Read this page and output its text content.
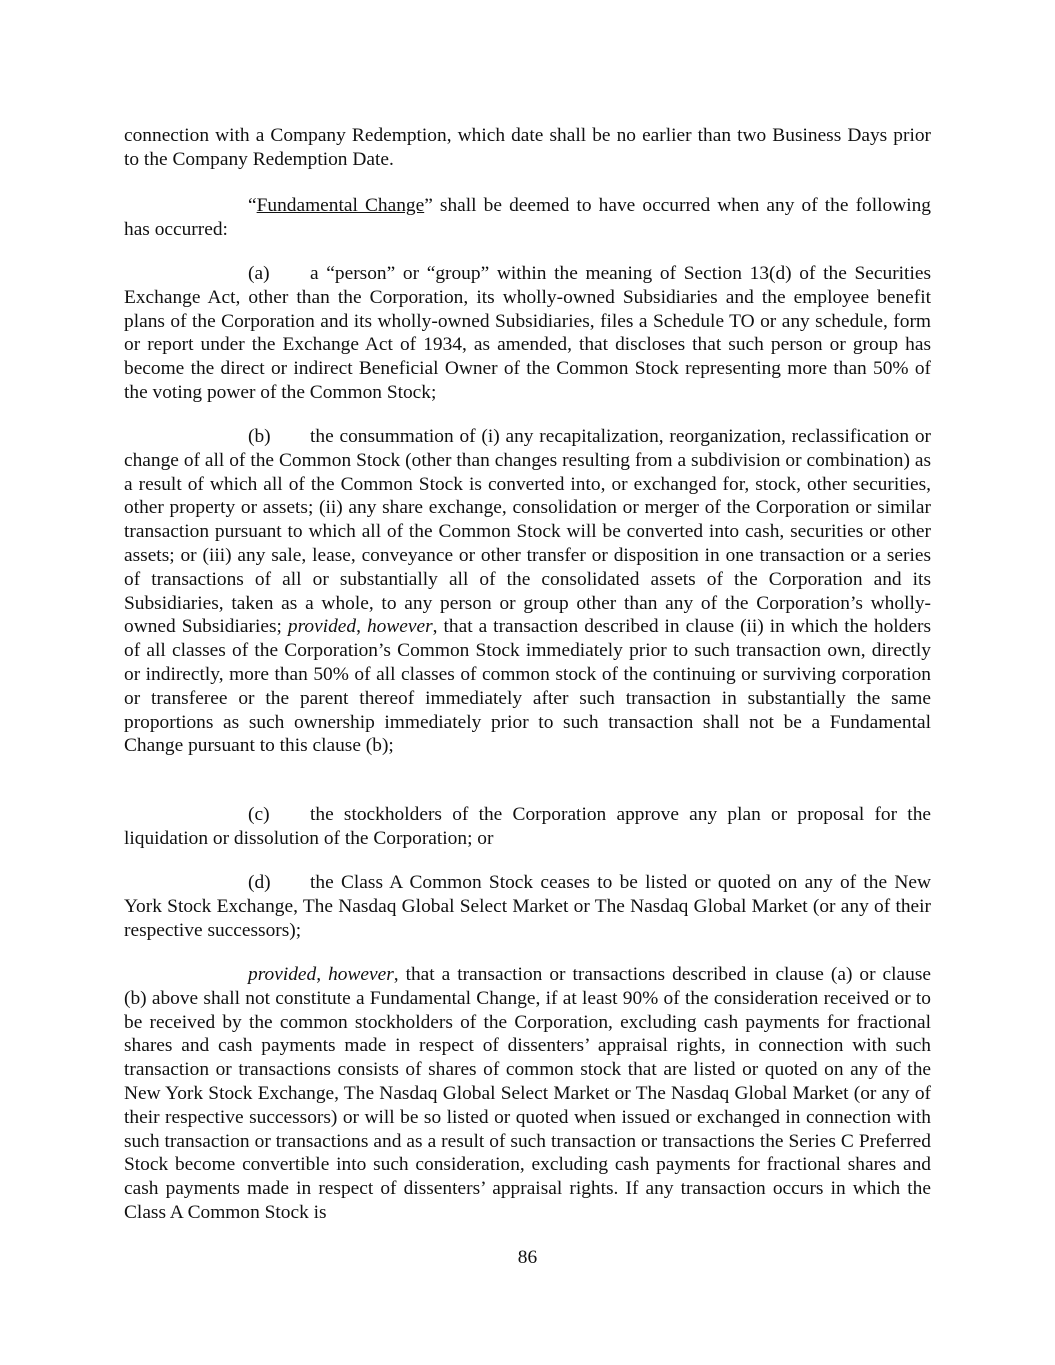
connection with a Company Redemption, which date shall be no earlier than two Business Days prior to the Company Redemption Date.

“Fundamental Change” shall be deemed to have occurred when any of the following has occurred:

(a) a “person” or “group” within the meaning of Section 13(d) of the Securities Exchange Act, other than the Corporation, its wholly-owned Subsidiaries and the employee benefit plans of the Corporation and its wholly-owned Subsidiaries, files a Schedule TO or any schedule, form or report under the Exchange Act of 1934, as amended, that discloses that such person or group has become the direct or indirect Beneficial Owner of the Common Stock representing more than 50% of the voting power of the Common Stock;

(b) the consummation of (i) any recapitalization, reorganization, reclassification or change of all of the Common Stock (other than changes resulting from a subdivision or combination) as a result of which all of the Common Stock is converted into, or exchanged for, stock, other securities, other property or assets; (ii) any share exchange, consolidation or merger of the Corporation or similar transaction pursuant to which all of the Common Stock will be converted into cash, securities or other assets; or (iii) any sale, lease, conveyance or other transfer or disposition in one transaction or a series of transactions of all or substantially all of the consolidated assets of the Corporation and its Subsidiaries, taken as a whole, to any person or group other than any of the Corporation’s wholly-owned Subsidiaries; provided, however, that a transaction described in clause (ii) in which the holders of all classes of the Corporation’s Common Stock immediately prior to such transaction own, directly or indirectly, more than 50% of all classes of common stock of the continuing or surviving corporation or transferee or the parent thereof immediately after such transaction in substantially the same proportions as such ownership immediately prior to such transaction shall not be a Fundamental Change pursuant to this clause (b);

(c) the stockholders of the Corporation approve any plan or proposal for the liquidation or dissolution of the Corporation; or

(d) the Class A Common Stock ceases to be listed or quoted on any of the New York Stock Exchange, The Nasdaq Global Select Market or The Nasdaq Global Market (or any of their respective successors);

provided, however, that a transaction or transactions described in clause (a) or clause (b) above shall not constitute a Fundamental Change, if at least 90% of the consideration received or to be received by the common stockholders of the Corporation, excluding cash payments for fractional shares and cash payments made in respect of dissenters’ appraisal rights, in connection with such transaction or transactions consists of shares of common stock that are listed or quoted on any of the New York Stock Exchange, The Nasdaq Global Select Market or The Nasdaq Global Market (or any of their respective successors) or will be so listed or quoted when issued or exchanged in connection with such transaction or transactions and as a result of such transaction or transactions the Series C Preferred Stock become convertible into such consideration, excluding cash payments for fractional shares and cash payments made in respect of dissenters’ appraisal rights. If any transaction occurs in which the Class A Common Stock is

86
